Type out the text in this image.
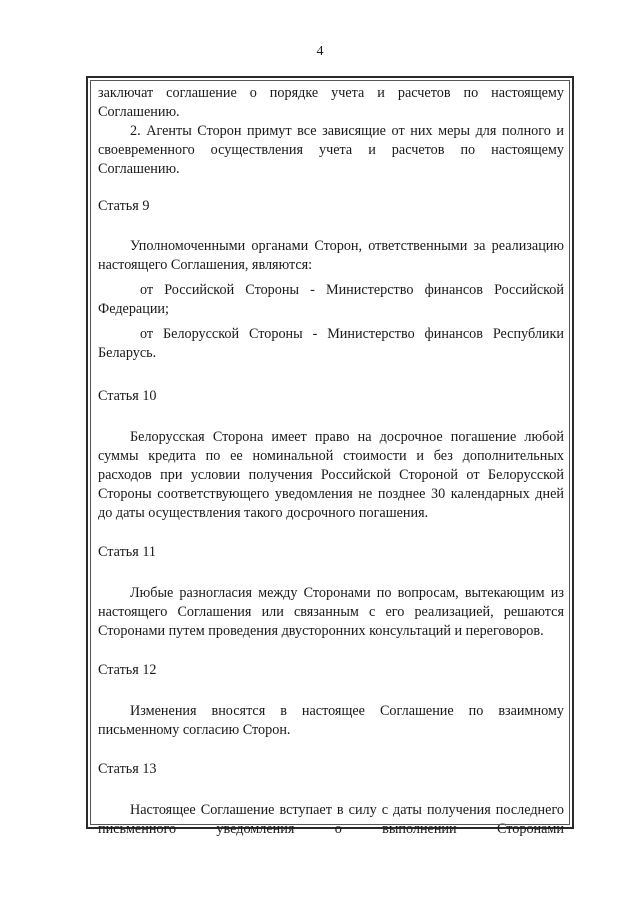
4

заключат соглашение о порядке учета и расчетов по настоящему Соглашению.

2. Агенты Сторон примут все зависящие от них меры для полного и своевременного осуществления учета и расчетов по настоящему Соглашению.

Статья 9

Уполномоченными органами Сторон, ответственными за реализацию настоящего Соглашения, являются:

от Российской Стороны - Министерство финансов Российской Федерации;

от Белорусской Стороны - Министерство финансов Республики Беларусь.

Статья 10

Белорусская Сторона имеет право на досрочное погашение любой суммы кредита по ее номинальной стоимости и без дополнительных расходов при условии получения Российской Стороной от Белорусской Стороны соответствующего уведомления не позднее 30 календарных дней до даты осуществления такого досрочного погашения.

Статья 11

Любые разногласия между Сторонами по вопросам, вытекающим из настоящего Соглашения или связанным с его реализацией, решаются Сторонами путем проведения двусторонних консультаций и переговоров.

Статья 12

Изменения вносятся в настоящее Соглашение по взаимному письменному согласию Сторон.

Статья 13

Настоящее Соглашение вступает в силу с даты получения последнего письменного уведомления о выполнении Сторонами
